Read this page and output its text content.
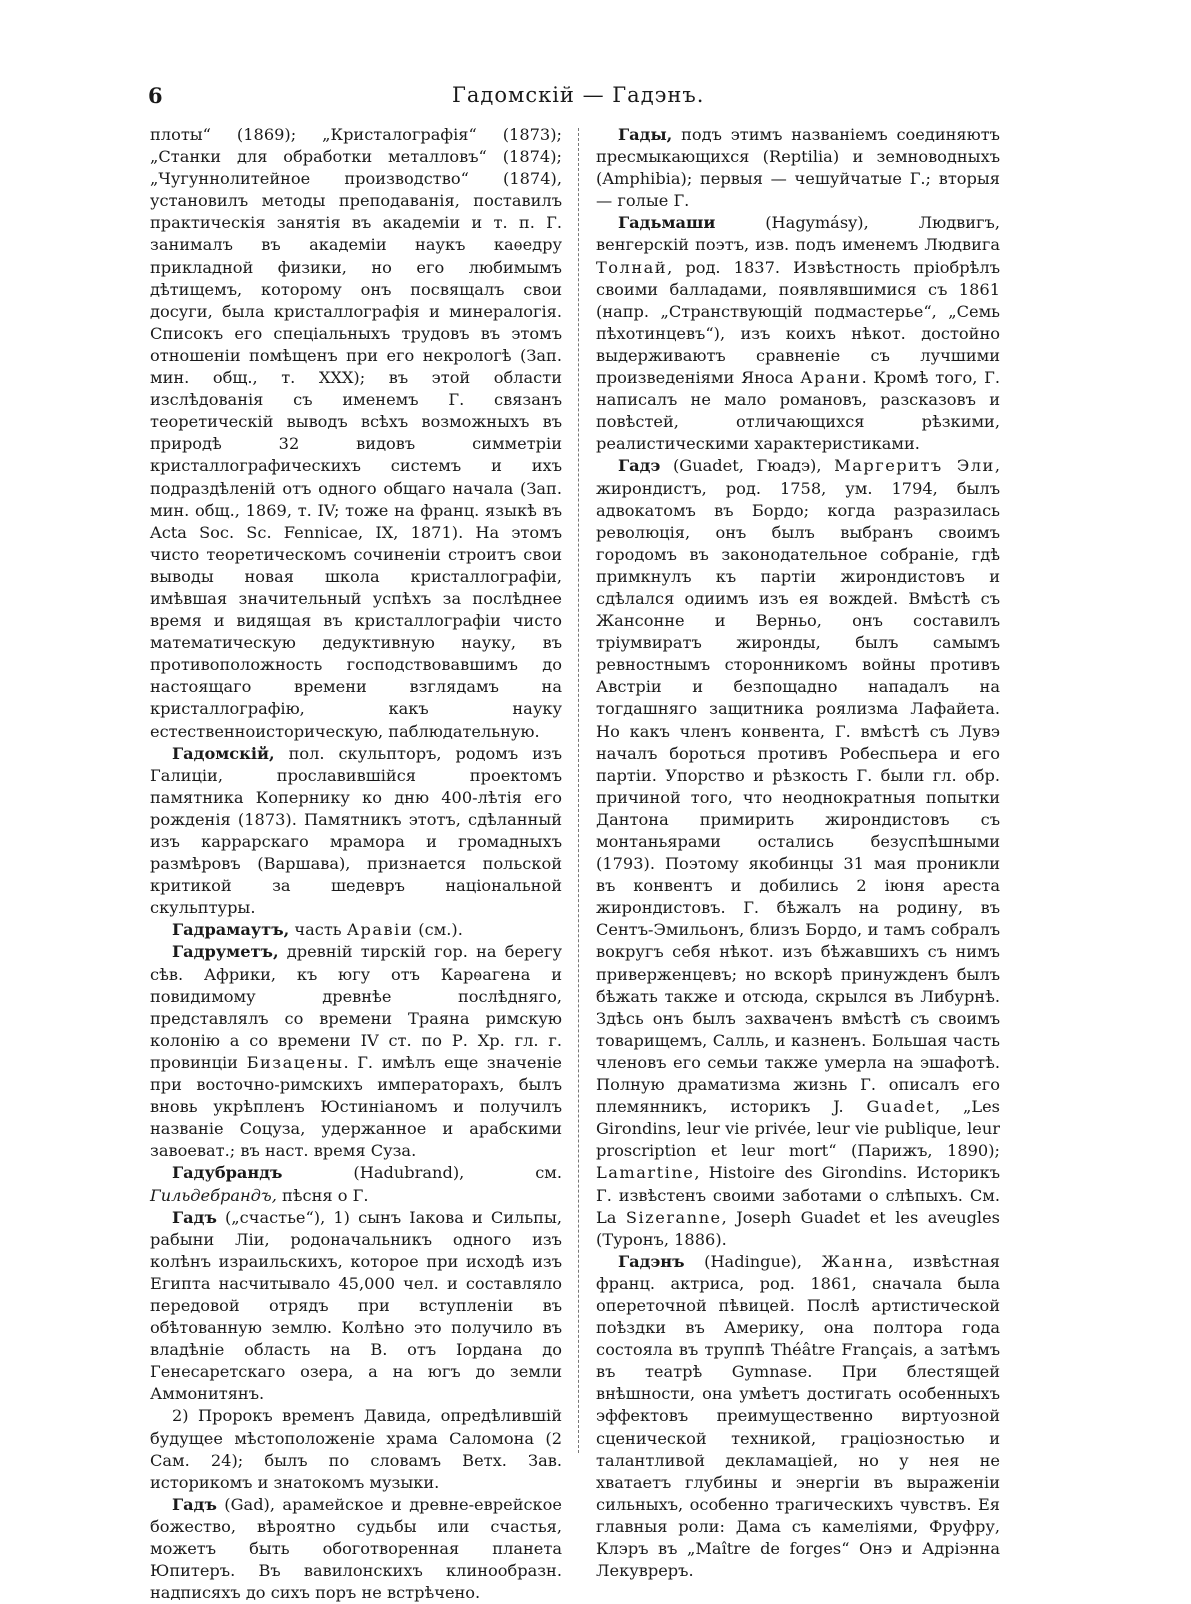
6	Гадомскій — Гадэнъ.

плоты“ (1869); „Кристалографія“ (1873); „Станки для обработки металловъ“ (1874); „Чугуннолитейное производство“ (1874), установилъ методы преподаванія, поставилъ практическія занятія въ академіи и т. п. Г. занималъ въ академіи наукъ каѳедру прикладной физики, но его любимымъ дѣтищемъ, которому онъ посвящалъ свои досуги, была кристаллографія и минералогія. Списокъ его спеціальныхъ трудовъ въ этомъ отношеніи помѣщенъ при его некрологѣ (Зап. мин. общ., т. XXX); въ этой области изслѣдованія съ именемъ Г. связанъ теоретическій выводъ всѣхъ возможныхъ въ природѣ 32 видовъ симметріи кристаллографическихъ системъ и ихъ подраздѣленій отъ одного общаго начала (Зап. мин. общ., 1869, т. IV; тоже на франц. языкѣ въ Acta Soc. Sc. Fennicae, IX, 1871). На этомъ чисто теоретическомъ сочиненіи строитъ свои выводы новая школа кристаллографіи, имѣвшая значительный успѣхъ за послѣднее время и видящая въ кристаллографіи чисто математическую дедуктивную науку, въ противоположность господствовавшимъ до настоящаго времени взглядамъ на кристаллографію, какъ науку естественноисторическую, паблюдательную.

Гадомскій, пол. скульпторъ, родомъ изъ Галиціи, прославившійся проектомъ памятника Копернику ко дню 400-лѣтія его рожденія (1873). Памятникъ этотъ, сдѣланный изъ каррарскаго мрамора и громадныхъ размѣровъ (Варшава), признается польской критикой за шедевръ національной скульптуры.

Гадрамаутъ, часть Аравіи (см.).

Гадруметъ, древній тирскій гор. на берегу сѣв. Африки, къ югу отъ Карѳагена и повидимому древнѣе послѣдняго, представлялъ со времени Траяна римскую колонію а со времени IV ст. по Р. Хр. гл. г. провинціи Бизацены. Г. имѣлъ еще значеніе при восточно-римскихъ императорахъ, былъ вновь укрѣпленъ Юстиніаномъ и получилъ названіе Соцуза, удержанное и арабскими завоеват.; въ наст. время Суза.

Гадубрандъ (Hadubrand), см. Гильдебрандъ, пѣсня о Г.

Гадъ („счастье“), 1) сынъ Іакова и Сильпы, рабыни Ліи, родоначальникъ одного изъ колѣнъ израильскихъ, которое при исходѣ изъ Египта насчитывало 45,000 чел. и составляло передовой отрядъ при вступленіи въ обѣтованную землю. Колѣно это получило въ владѣніе область на В. отъ Іордана до Генесаретскаго озера, а на югъ до земли Аммонитянъ.

2) Пророкъ временъ Давида, опредѣлившій будущее мѣстоположеніе храма Саломона (2 Сам. 24); былъ по словамъ Ветх. Зав. историкомъ и знатокомъ музыки.

Гадъ (Gad), арамейское и древне-еврейское божество, вѣроятно судьбы или счастья, можетъ быть обоготворенная планета Юпитеръ. Въ вавилонскихъ клинообразн. надписяхъ до сихъ поръ не встрѣчено.

Гады, подъ этимъ названіемъ соединяютъ пресмыкающихся (Reptilia) и земноводныхъ (Amphibia); первыя — чешуйчатые Г.; вторыя — голые Г.

Гадьмаши (Hagymásy), Людвигъ, венгерскій поэтъ, изв. подъ именемъ Людвига Толнай, род. 1837. Извѣстность пріобрѣлъ своими балладами, появлявшимися съ 1861 (напр. „Странствующій подмастерье“, „Семь пѣхотинцевъ“), изъ коихъ нѣкот. достойно выдерживаютъ сравненіе съ лучшими произведеніями Яноса Арани. Кромѣ того, Г. написалъ не мало романовъ, разсказовъ и повѣстей, отличающихся рѣзкими, реалистическими характеристиками.

Гадэ (Guadet, Гюадэ), Маргеритъ Эли, жирондистъ, род. 1758, ум. 1794, былъ адвокатомъ въ Бордо; когда разразилась революція, онъ былъ выбранъ своимъ городомъ въ законодательное собраніе, гдѣ примкнулъ къ партіи жирондистовъ и сдѣлался одиимъ изъ ея вождей. Вмѣстѣ съ Жансонне и Верньо, онъ составилъ тріумвиратъ жиронды, былъ самымъ ревностнымъ сторонникомъ войны противъ Австріи и безпощадно нападалъ на тогдашняго защитника роялизма Лафайета. Но какъ членъ конвента, Г. вмѣстѣ съ Лувэ началъ бороться противъ Робеспьера и его партіи. Упорство и рѣзкость Г. были гл. обр. причиной того, что неоднократныя попытки Дантона примирить жирондистовъ съ монтаньярами остались безуспѣшными (1793). Поэтому якобинцы 31 мая проникли въ конвентъ и добились 2 іюня ареста жирондистовъ. Г. бѣжалъ на родину, въ Сентъ-Эмильонъ, близъ Бордо, и тамъ собралъ вокругъ себя нѣкот. изъ бѣжавшихъ съ нимъ приверженцевъ; но вскорѣ принужденъ былъ бѣжать также и отсюда, скрылся въ Либурнѣ. Здѣсь онъ былъ захваченъ вмѣстѣ съ своимъ товарищемъ, Салль, и казненъ. Большая часть членовъ его семьи также умерла на эшафотѣ. Полную драматизма жизнь Г. описалъ его племянникъ, историкъ J. Guadet, „Les Girondins, leur vie privée, leur vie publique, leur proscription et leur mort“ (Парижъ, 1890); Lamartine, Histoire des Girondins. Историкъ Г. извѣстенъ своими заботами о слѣпыхъ. См. La Sizeranne, Joseph Guadet et les aveugles (Туронъ, 1886).

Гадэнъ (Hadingue), Жанна, извѣстная франц. актриса, род. 1861, сначала была опереточной пѣвицей. Послѣ артистической поѣздки въ Америку, она полтора года состояла въ труппѣ Théâtre Français, а затѣмъ въ театрѣ Gymnase. При блестящей внѣшности, она умѣетъ достигать особенныхъ эффектовъ преимущественно виртуозной сценической техникой, граціозностью и талантливой декламаціей, но у нея не хватаетъ глубины и энергіи въ выраженіи сильныхъ, особенно трагическихъ чувствъ. Ея главныя роли: Дама съ камеліями, Фруфру, Клэръ въ „Maître de forges“ Онэ и Адріэнна Лекувреръ.
